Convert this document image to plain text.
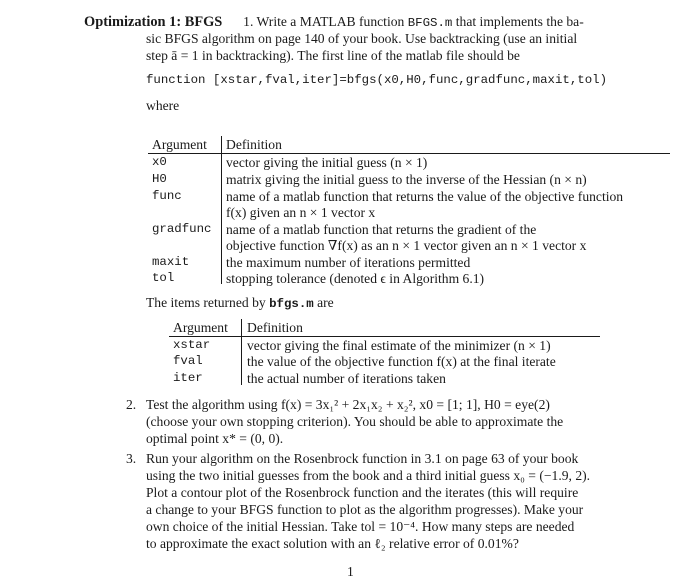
Optimization 1: BFGS 1. Write a MATLAB function BFGS.m that implements the ba-
sic BFGS algorithm on page 140 of your book. Use backtracking (use an initial
step ā = 1 in backtracking). The first line of the matlab file should be
function [xstar,fval,iter]=bfgs(x0,H0,func,gradfunc,maxit,tol)
where
Argument Definition
x0	vector giving the initial guess (n × 1)
H0	matrix giving the initial guess to the inverse of the Hessian (n × n)
func	name of a matlab function that returns the value of the objective function
f(x) given an n × 1 vector x
gradfunc name of a matlab function that returns the gradient of the
objective function ∇f(x) as an n × 1 vector given an n × 1 vector x
maxit	the maximum number of iterations permitted
tol	stopping tolerance (denoted ϵ in Algorithm 6.1)
The items returned by bfgs.m are
Argument Definition
xstar	vector giving the final estimate of the minimizer (n × 1)
fval	the value of the objective function f(x) at the final iterate
iter	the actual number of iterations taken
2. Test the algorithm using f(x) = 3x₁² + 2x₁x₂ + x₂², x0 = [1; 1], H0 = eye(2)
(choose your own stopping criterion). You should be able to approximate the
optimal point x* = (0, 0).
3. Run your algorithm on the Rosenbrock function in 3.1 on page 63 of your book
using the two initial guesses from the book and a third initial guess x₀ = (−1.9, 2).
Plot a contour plot of the Rosenbrock function and the iterates (this will require
a change to your BFGS function to plot as the algorithm progresses). Make your
own choice of the initial Hessian. Take tol = 10⁻⁴. How many steps are needed
to approximate the exact solution with an ℓ₂ relative error of 0.01%?
1
